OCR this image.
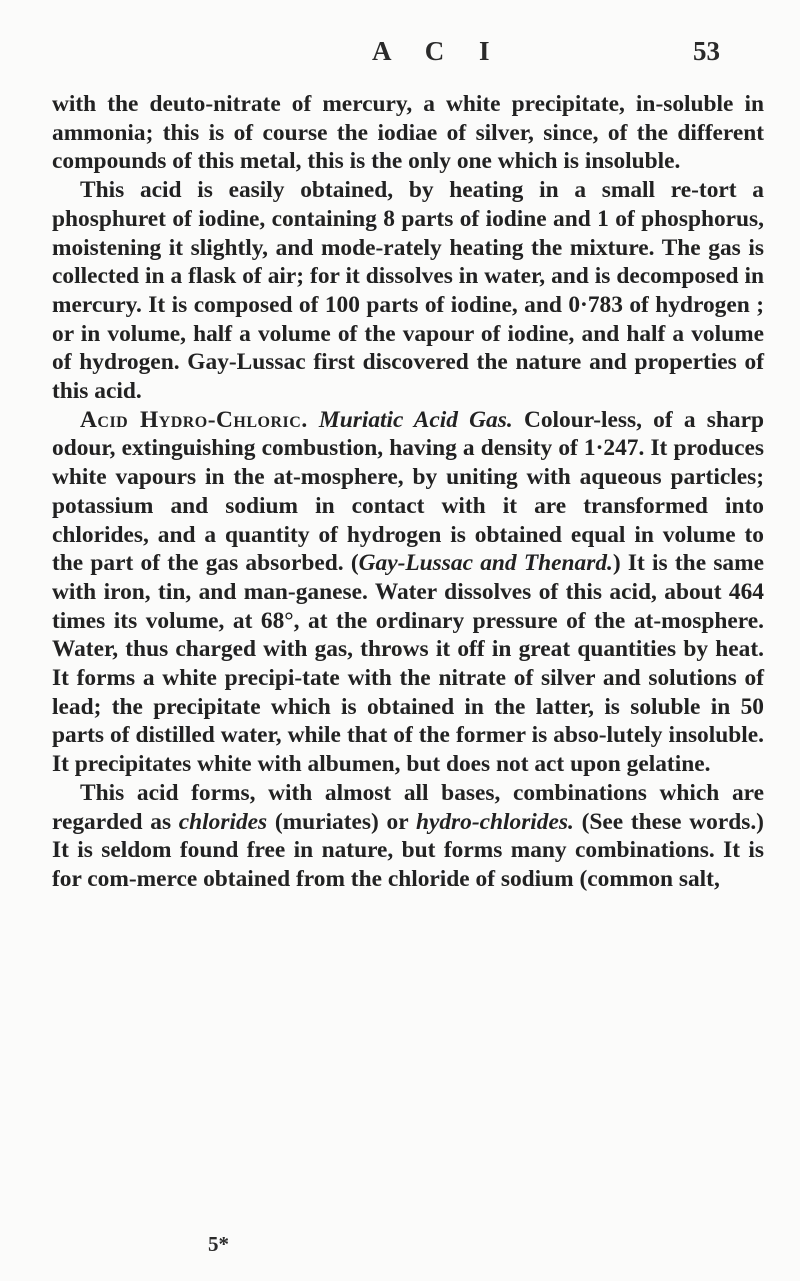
A C I	53

with the deuto-nitrate of mercury, a white precipitate, in-soluble in ammonia; this is of course the iodiae of silver, since, of the different compounds of this metal, this is the only one which is insoluble.

This acid is easily obtained, by heating in a small re-tort a phosphuret of iodine, containing 8 parts of iodine and 1 of phosphorus, moistening it slightly, and mode-rately heating the mixture. The gas is collected in a flask of air; for it dissolves in water, and is decomposed in mercury. It is composed of 100 parts of iodine, and 0·783 of hydrogen ; or in volume, half a volume of the vapour of iodine, and half a volume of hydrogen. Gay-Lussac first discovered the nature and properties of this acid.

Acid Hydro-Chloric. Muriatic Acid Gas. Colour-less, of a sharp odour, extinguishing combustion, having a density of 1·247. It produces white vapours in the at-mosphere, by uniting with aqueous particles; potassium and sodium in contact with it are transformed into chlorides, and a quantity of hydrogen is obtained equal in volume to the part of the gas absorbed. (Gay-Lussac and Thenard.) It is the same with iron, tin, and man-ganese. Water dissolves of this acid, about 464 times its volume, at 68°, at the ordinary pressure of the at-mosphere. Water, thus charged with gas, throws it off in great quantities by heat. It forms a white precipi-tate with the nitrate of silver and solutions of lead; the precipitate which is obtained in the latter, is soluble in 50 parts of distilled water, while that of the former is abso-lutely insoluble. It precipitates white with albumen, but does not act upon gelatine.

This acid forms, with almost all bases, combinations which are regarded as chlorides (muriates) or hydro-chlorides. (See these words.) It is seldom found free in nature, but forms many combinations. It is for com-merce obtained from the chloride of sodium (common salt,

5*
